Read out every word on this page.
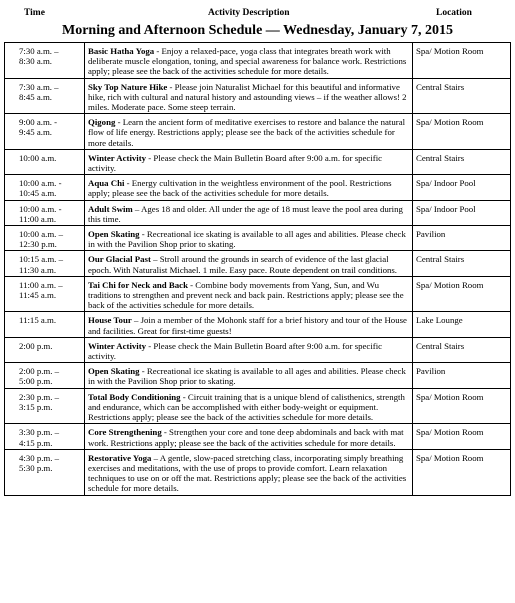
Time	Activity Description	Location
Morning and Afternoon Schedule — Wednesday, January 7, 2015
7:30 a.m. –
8:30 a.m.	Basic Hatha Yoga - Enjoy a relaxed-pace, yoga class that integrates breath work with deliberate muscle elongation, toning, and special awareness for balance work. Restrictions apply; please see the back of the activities schedule for more details.	Spa/ Motion Room
7:30 a.m. –
8:45 a.m.	Sky Top Nature Hike - Please join Naturalist Michael for this beautiful and informative hike, rich with cultural and natural history and astounding views – if the weather allows! 2 miles. Moderate pace. Some steep terrain.	Central Stairs
9:00 a.m. -
9:45 a.m.	Qigong - Learn the ancient form of meditative exercises to restore and balance the natural flow of life energy. Restrictions apply; please see the back of the activities schedule for more details.	Spa/ Motion Room
10:00 a.m.	Winter Activity - Please check the Main Bulletin Board after 9:00 a.m. for specific activity.	Central Stairs
10:00 a.m. -
10:45 a.m.	Aqua Chi - Energy cultivation in the weightless environment of the pool. Restrictions apply; please see the back of the activities schedule for more details.	Spa/ Indoor Pool
10:00 a.m. -
11:00 a.m.	Adult Swim – Ages 18 and older. All under the age of 18 must leave the pool area during this time.	Spa/ Indoor Pool
10:00 a.m. –
12:30 p.m.	Open Skating - Recreational ice skating is available to all ages and abilities. Please check in with the Pavilion Shop prior to skating.	Pavilion
10:15 a.m. –
11:30 a.m.	Our Glacial Past – Stroll around the grounds in search of evidence of the last glacial epoch. With Naturalist Michael. 1 mile. Easy pace. Route dependent on trail conditions.	Central Stairs
11:00 a.m. –
11:45 a.m.	Tai Chi for Neck and Back - Combine body movements from Yang, Sun, and Wu traditions to strengthen and prevent neck and back pain. Restrictions apply; please see the back of the activities schedule for more details.	Spa/ Motion Room
11:15 a.m.	House Tour – Join a member of the Mohonk staff for a brief history and tour of the House and facilities. Great for first-time guests!	Lake Lounge
2:00 p.m.	Winter Activity - Please check the Main Bulletin Board after 9:00 a.m. for specific activity.	Central Stairs
2:00 p.m. –
5:00 p.m.	Open Skating - Recreational ice skating is available to all ages and abilities. Please check in with the Pavilion Shop prior to skating.	Pavilion
2:30 p.m. –
3:15 p.m.	Total Body Conditioning - Circuit training that is a unique blend of calisthenics, strength and endurance, which can be accomplished with either body-weight or equipment. Restrictions apply; please see the back of the activities schedule for more details.	Spa/ Motion Room
3:30 p.m. –
4:15 p.m.	Core Strengthening - Strengthen your core and tone deep abdominals and back with mat work. Restrictions apply; please see the back of the activities schedule for more details.	Spa/ Motion Room
4:30 p.m. –
5:30 p.m.	Restorative Yoga – A gentle, slow-paced stretching class, incorporating simply breathing exercises and meditations, with the use of props to provide comfort. Learn relaxation techniques to use on or off the mat. Restrictions apply; please see the back of the activities schedule for more details.	Spa/ Motion Room
